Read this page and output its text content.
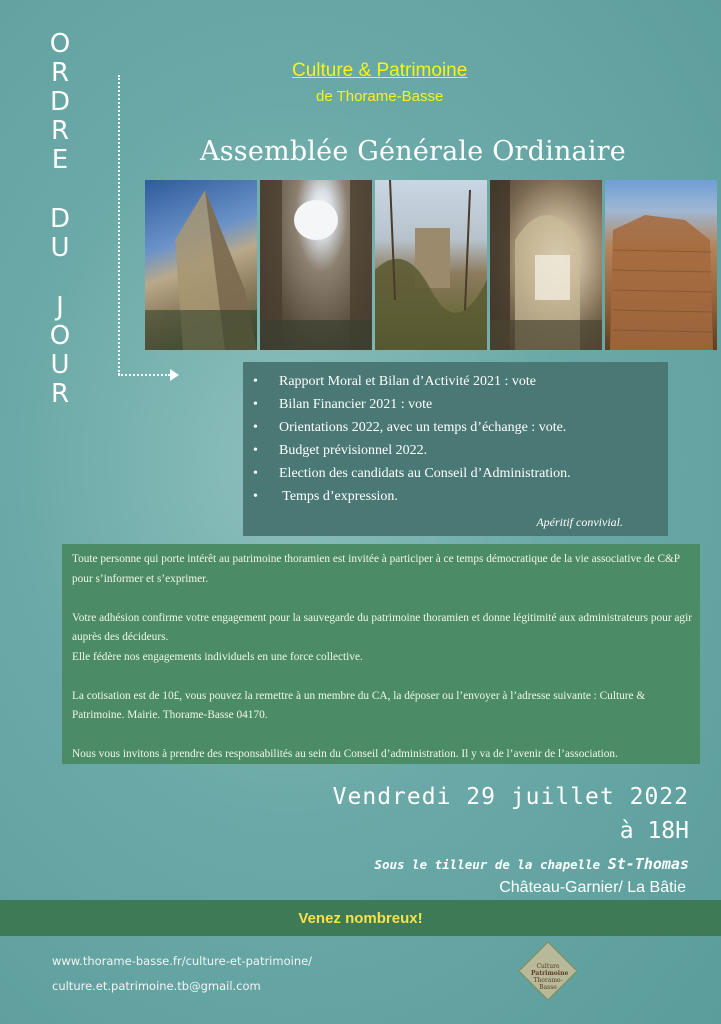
O
R
D
R
E
D
U
J
O
U
R
Culture & Patrimoine
de Thorame-Basse
Assemblée Générale Ordinaire
• Rapport Moral et Bilan d’Activité 2021 : vote
• Bilan Financier 2021 : vote
• Orientations 2022, avec un temps d’échange : vote.
• Budget prévisionnel 2022.
• Election des candidats au Conseil d’Administration.
•  Temps d’expression.
Apéritif convivial.

Toute personne qui porte intérêt au patrimoine thoramien est invitée à participer à ce temps démocratique de la vie associative de C&P pour s’informer et s’exprimer.

Votre adhésion confirme votre engagement pour la sauvegarde du patrimoine thoramien et donne légitimité aux administrateurs pour agir auprès des décideurs.

Elle fédère nos engagements individuels en une force collective.

La cotisation est de 10£, vous pouvez la remettre à un membre du CA, la déposer ou l’envoyer à l’adresse suivante : Culture & Patrimoine. Mairie. Thorame-Basse 04170.

Nous vous invitons à prendre des responsabilités au sein du Conseil d’administration. Il y va de l’avenir de l’association.

Vendredi 29 juillet 2022
à 18H
Sous le tilleur de la chapelle St-Thomas
Château-Garnier/ La Bâtie
Venez nombreux!
www.thorame-basse.fr/culture-et-patrimoine/
culture.et.patrimoine.tb@gmail.com
Culture
Patrimoine
Thorame-Basse
